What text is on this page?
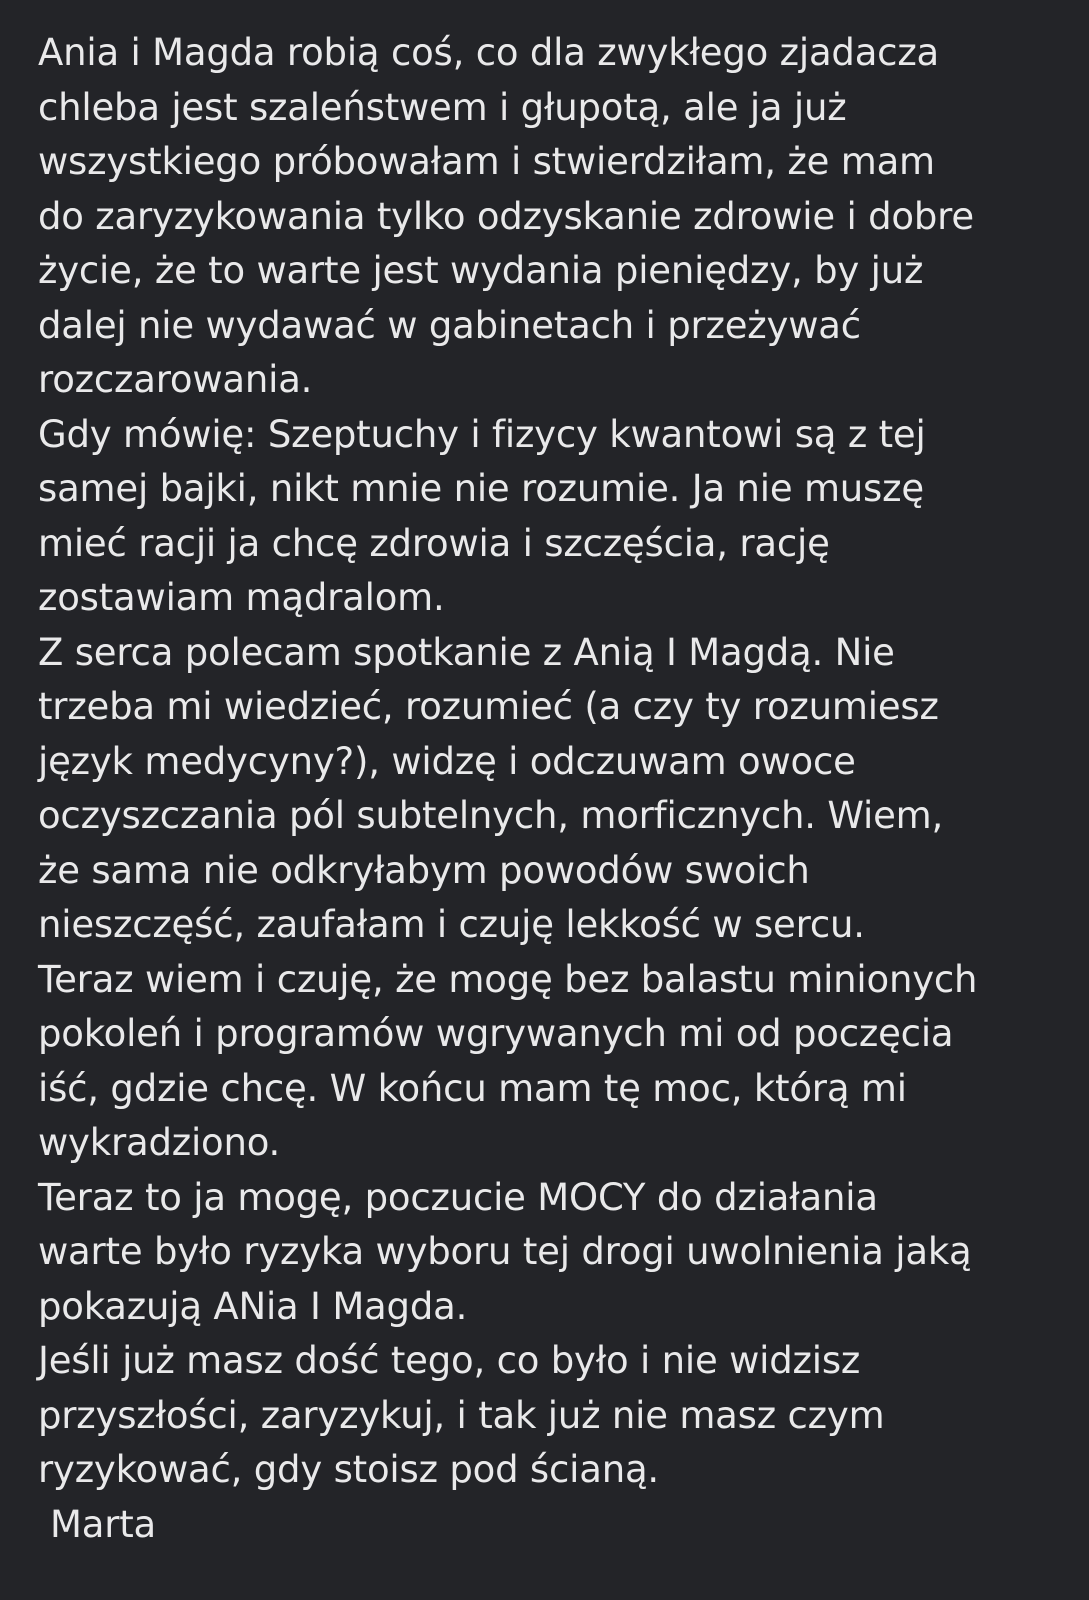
Ania i Magda robią coś, co dla zwykłego zjadacza
chleba jest szaleństwem i głupotą, ale ja już
wszystkiego próbowałam i stwierdziłam, że mam
do zaryzykowania tylko odzyskanie zdrowie i dobre
życie, że to warte jest wydania pieniędzy, by już
dalej nie wydawać w gabinetach i przeżywać
rozczarowania.
Gdy mówię: Szeptuchy i fizycy kwantowi są z tej
samej bajki, nikt mnie nie rozumie. Ja nie muszę
mieć racji ja chcę zdrowia i szczęścia, rację
zostawiam mądralom.
Z serca polecam spotkanie z Anią I Magdą. Nie
trzeba mi wiedzieć, rozumieć (a czy ty rozumiesz
język medycyny?), widzę i odczuwam owoce
oczyszczania pól subtelnych, morficznych. Wiem,
że sama nie odkryłabym powodów swoich
nieszczęść, zaufałam i czuję lekkość w sercu.
Teraz wiem i czuję, że mogę bez balastu minionych
pokoleń i programów wgrywanych mi od poczęcia
iść, gdzie chcę. W końcu mam tę moc, którą mi
wykradziono.
Teraz to ja mogę, poczucie MOCY do działania
warte było ryzyka wyboru tej drogi uwolnienia jaką
pokazują ANia I Magda.
Jeśli już masz dość tego, co było i nie widzisz
przyszłości, zaryzykuj, i tak już nie masz czym
ryzykować, gdy stoisz pod ścianą.
Marta
